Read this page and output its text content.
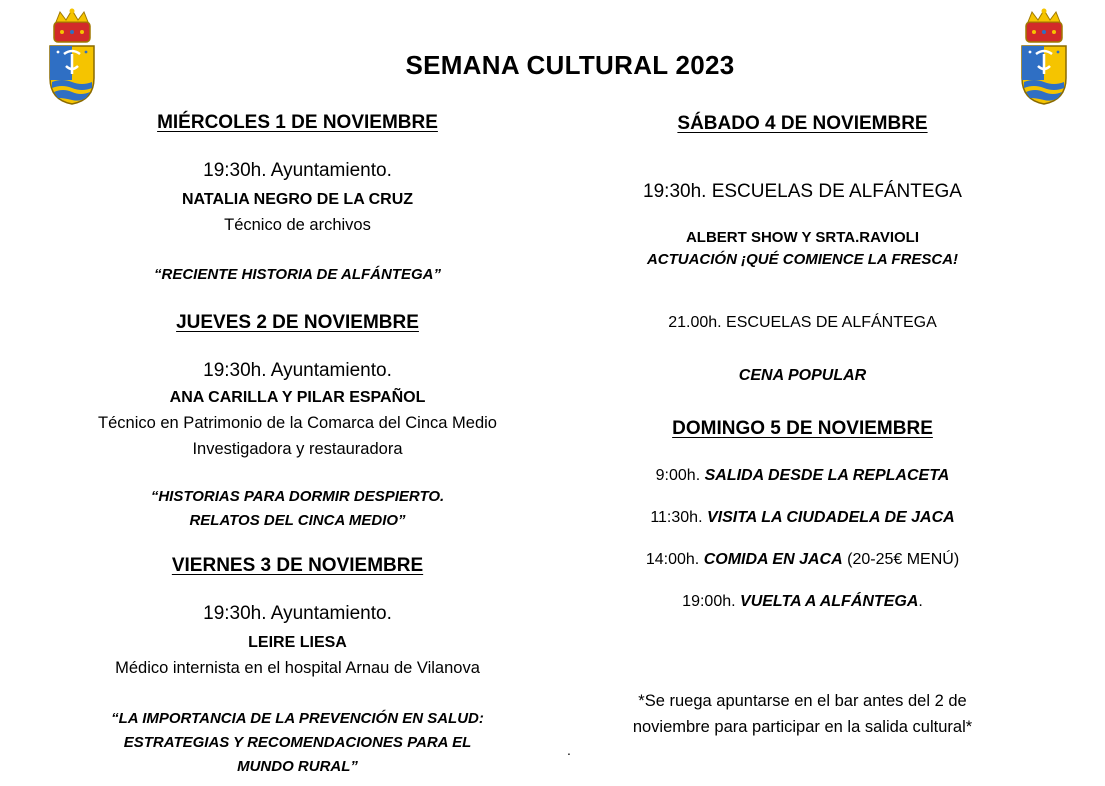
SEMANA CULTURAL 2023
MIÉRCOLES 1 DE NOVIEMBRE
19:30h. Ayuntamiento.
NATALIA NEGRO DE LA CRUZ
Técnico de archivos
“RECIENTE HISTORIA DE ALFÁNTEGA”
JUEVES 2 DE NOVIEMBRE
19:30h. Ayuntamiento.
ANA CARILLA Y PILAR ESPAÑOL
Técnico en Patrimonio de la Comarca del Cinca Medio
Investigadora y restauradora
“HISTORIAS PARA DORMIR DESPIERTO.
RELATOS DEL CINCA MEDIO”
VIERNES 3 DE NOVIEMBRE
19:30h. Ayuntamiento.
LEIRE LIESA
Médico internista en el hospital Arnau de Vilanova
“LA IMPORTANCIA DE LA PREVENCIÓN EN SALUD:
ESTRATEGIAS Y RECOMENDACIONES PARA EL
MUNDO RURAL”
SÁBADO 4 DE NOVIEMBRE
19:30h. ESCUELAS DE ALFÁNTEGA
ALBERT SHOW Y SRTA.RAVIOLI
ACTUACIÓN ¡QUÉ COMIENCE LA FRESCA!
21.00h. ESCUELAS DE ALFÁNTEGA
CENA POPULAR
DOMINGO 5 DE NOVIEMBRE
9:00h. SALIDA DESDE LA REPLACETA
11:30h. VISITA LA CIUDADELA DE JACA
14:00h. COMIDA EN JACA (20-25€ MENÚ)
19:00h. VUELTA A ALFÁNTEGA.
*Se ruega apuntarse en el bar antes del 2 de
noviembre para participar en la salida cultural*
.
